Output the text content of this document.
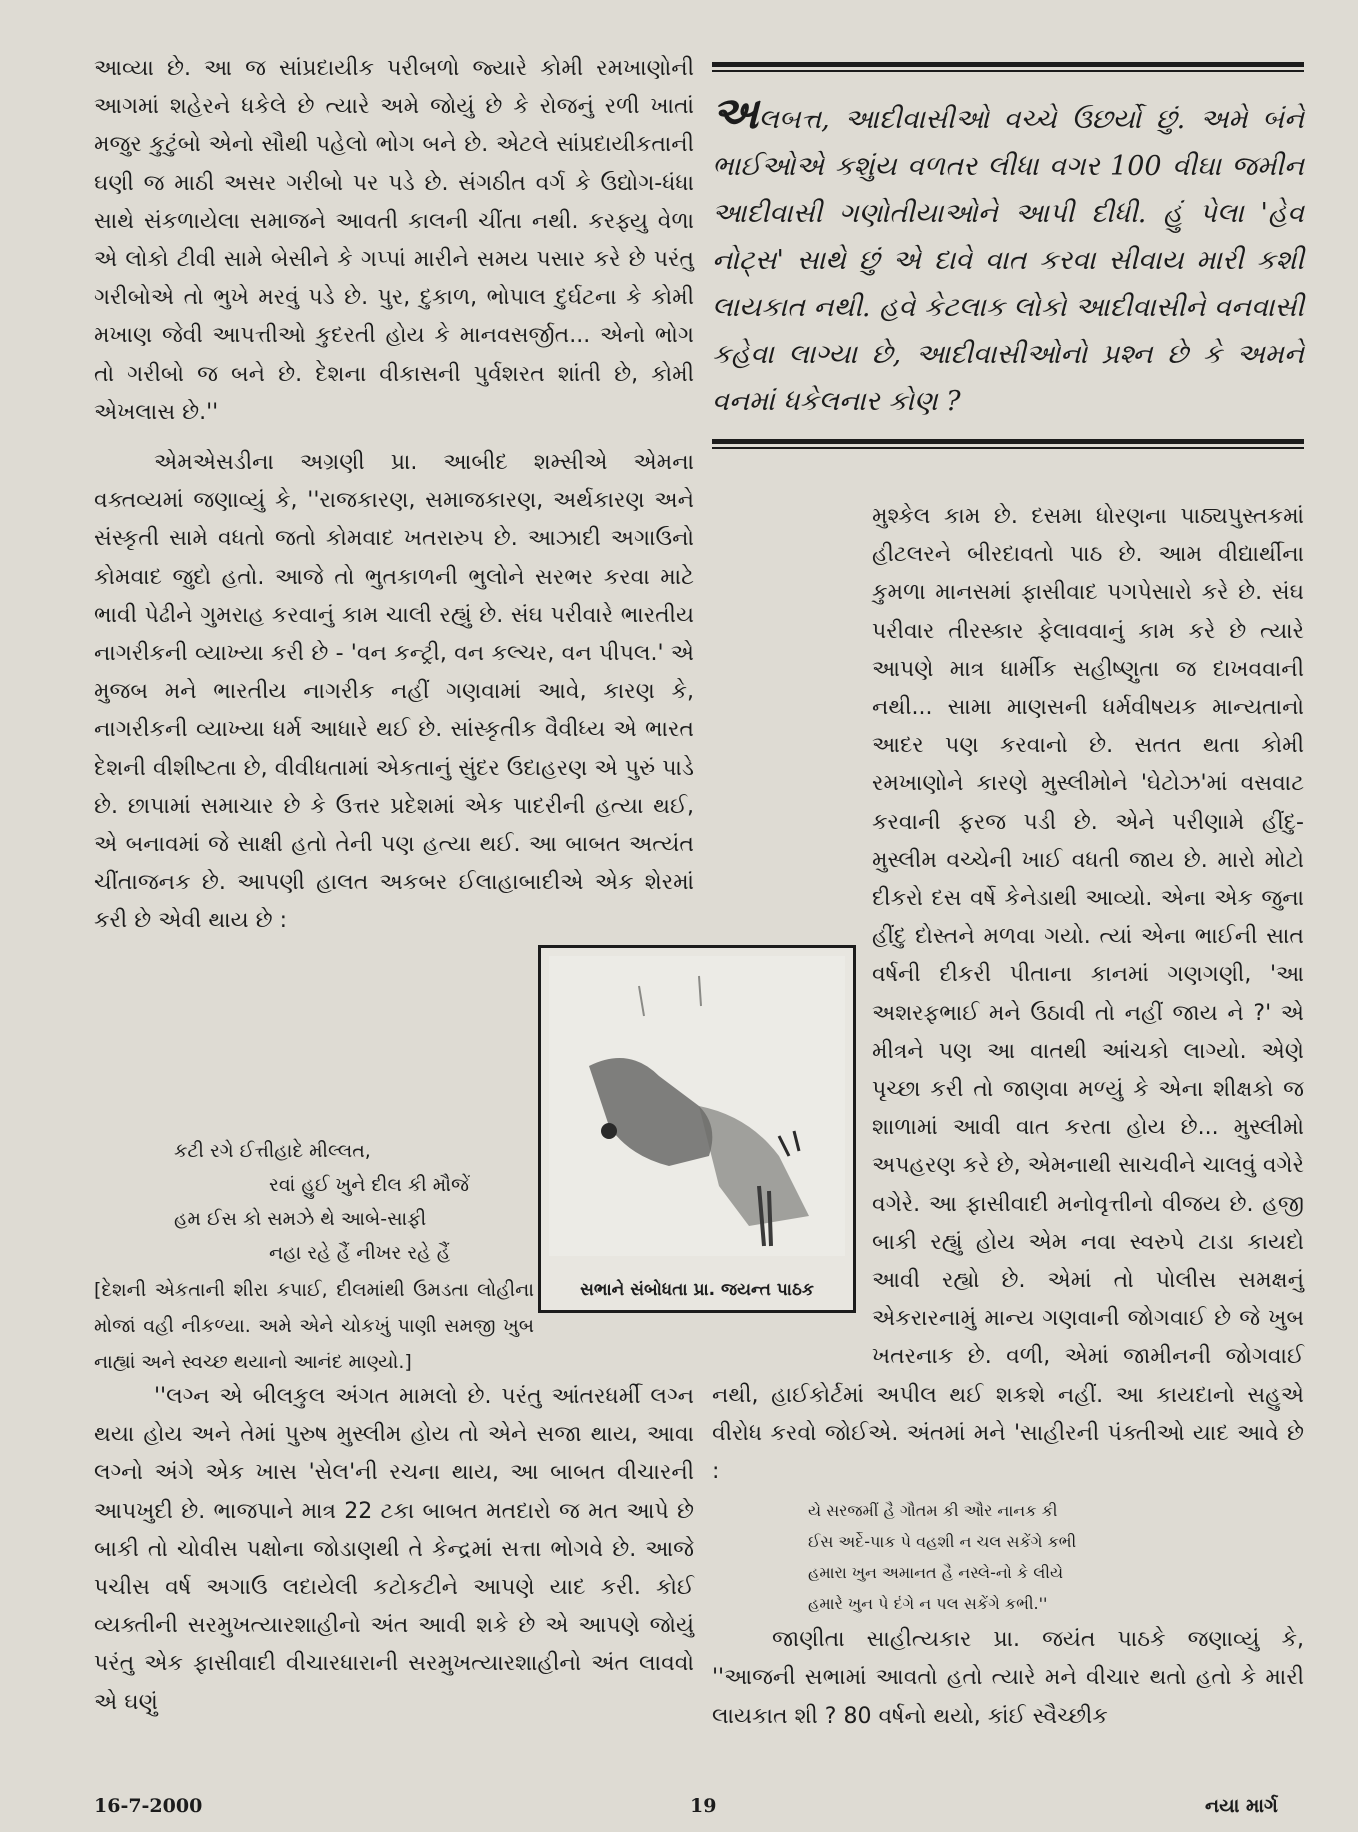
આવ્યા છે. આ જ સાંપ્રદાયીક પરીબળો જ્યારે કોમી રમખાણોની આગમાં શહેરને ધકેલે છે ત્યારે અમે જોયું છે કે રોજનું રળી ખાતાં મજુર કુટુંબો એનો સૌથી પહેલો ભોગ બને છે. એટલે સાંપ્રદાયીકતાની ઘણી જ માઠી અસર ગરીબો પર પડે છે. સંગઠીત વર્ગ કે ઉદ્યોગ-ધંધા સાથે સંકળાયેલા સમાજને આવતી કાલની ચીંતા નથી. કરફ્યુ વેળા એ લોકો ટીવી સામે બેસીને કે ગપ્પાં મારીને સમય પસાર કરે છે પરંતુ ગરીબોએ તો ભુખે મરવું પડે છે. પુર, દુકાળ, ભોપાલ દુર્ઘટના કે કોમી મખાણ જેવી આપત્તીઓ કુદરતી હોય કે માનવસર્જીત... એનો ભોગ તો ગરીબો જ બને છે. દેશના વીકાસની પુર્વશરત શાંતી છે, કોમી એખલાસ છે.''

એમએસડીના અગ્રણી પ્રા. આબીદ શમ્સીએ એમના વક્તવ્યમાં જણાવ્યું કે, ''રાજકારણ, સમાજકારણ, અર્થકારણ અને સંસ્કૃતી સામે વધતો જતો કોમવાદ ખતરારુપ છે. આઝાદી અગાઉનો કોમવાદ જુદો હતો. આજે તો ભુતકાળની ભુલોને સરભર કરવા માટે ભાવી પેઢીને ગુમરાહ કરવાનું કામ ચાલી રહ્યું છે. સંઘ પરીવારે ભારતીય નાગરીકની વ્યાખ્યા કરી છે - 'વન કન્ટ્રી, વન કલ્ચર, વન પીપલ.' એ મુજબ મને ભારતીય નાગરીક નહીં ગણવામાં આવે, કારણ કે, નાગરીકની વ્યાખ્યા ધર્મ આધારે થઈ છે. સાંસ્કૃતીક વૈવીધ્ય એ ભારત દેશની વીશીષ્ટતા છે, વીવીધતામાં એકતાનું સુંદર ઉદાહરણ એ પુરું પાડે છે. છાપામાં સમાચાર છે કે ઉત્તર પ્રદેશમાં એક પાદરીની હત્યા થઈ, એ બનાવમાં જે સાક્ષી હતો તેની પણ હત્યા થઈ. આ બાબત અત્યંત ચીંતાજનક છે. આપણી હાલત અકબર ઈલાહાબાદીએ એક શેરમાં કરી છે એવી થાય છે :

કટી રગે ઈત્તીહાદે મીલ્લત,
રવાં હુઈ ખુને દીલ કી મૌજેં
હમ ઈસ કો સમઝે થે આબે-સાફી
નહા રહે હૈં નીખર રહે હૈં

[દેશની એકતાની શીરા કપાઈ, દીલમાંથી ઉમડતા લોહીના મોજાં વહી નીકળ્યા. અમે એને ચોકખું પાણી સમજી ખુબ નાહ્યાં અને સ્વચ્છ થયાનો આનંદ માણ્યો.]

''લગ્ન એ બીલકુલ અંગત મામલો છે. પરંતુ આંતરધર્મી લગ્ન થયા હોય અને તેમાં પુરુષ મુસ્લીમ હોય તો એને સજા થાય, આવા લગ્નો અંગે એક ખાસ 'સેલ'ની રચના થાય, આ બાબત વીચારની આપખુદી છે. ભાજપાને માત્ર 22 ટકા બાબત મતદારો જ મત આપે છે બાકી તો ચોવીસ પક્ષોના જોડાણથી તે કેન્દ્રમાં સત્તા ભોગવે છે. આજે પચીસ વર્ષ અગાઉ લદાયેલી કટોકટીને આપણે યાદ કરી. કોઈ વ્યક્તીની સરમુખત્યારશાહીનો અંત આવી શકે છે એ આપણે જોયું પરંતુ એક ફાસીવાદી વીચારધારાની સરમુખત્યારશાહીનો અંત લાવવો એ ઘણું

અલબત્ત, આદીવાસીઓ વચ્ચે ઉછર્યો છું. અમે બંને ભાઈઓએ કશુંય વળતર લીધા વગર 100 વીઘા જમીન આદીવાસી ગણોતીયાઓને આપી દીધી. હું પેલા 'હેવ નોટ્સ' સાથે છું એ દાવે વાત કરવા સીવાય મારી કશી લાયકાત નથી. હવે કેટલાક લોકો આદીવાસીને વનવાસી કહેવા લાગ્યા છે, આદીવાસીઓનો પ્રશ્ન છે કે અમને વનમાં ધકેલનાર કોણ ?

મુશ્કેલ કામ છે. દસમા ધોરણના પાઠ્યપુસ્તકમાં હીટલરને બીરદાવતો પાઠ છે. આમ વીદ્યાર્થીના કુમળા માનસમાં ફાસીવાદ પગપેસારો કરે છે. સંઘ પરીવાર તીરસ્કાર ફેલાવવાનું કામ કરે છે ત્યારે આપણે માત્ર ધાર્મીક સહીષ્ણુતા જ દાખવવાની નથી... સામા માણસની ધર્મવીષયક માન્યતાનો આદર પણ કરવાનો છે. સતત થતા કોમી રમખાણોને કારણે મુસ્લીમોને 'ઘેટોઝ'માં વસવાટ કરવાની ફરજ પડી છે. એને પરીણામે હીંદુ-મુસ્લીમ વચ્ચેની ખાઈ વધતી જાય છે. મારો મોટો દીકરો દસ વર્ષે કેનેડાથી આવ્યો. એના એક જુના હીંદુ દોસ્તને મળવા ગયો. ત્યાં એના ભાઈની સાત વર્ષની દીકરી પીતાના કાનમાં ગણગણી, 'આ અશરફભાઈ મને ઉઠાવી તો નહીં જાય ને ?' એ મીત્રને પણ આ વાતથી આંચકો લાગ્યો. એણે પૃચ્છા કરી તો જાણવા મળ્યું કે એના શીક્ષકો જ શાળામાં આવી વાત કરતા હોય છે... મુસ્લીમો અપહરણ કરે છે, એમનાથી સાચવીને ચાલવું વગેરે વગેરે. આ ફાસીવાદી મનોવૃત્તીનો વીજય છે. હજી બાકી રહ્યું હોય એમ નવા સ્વરુપે ટાડા કાયદો આવી રહ્યો છે. એમાં તો પોલીસ સમક્ષનું એકરારનામું માન્ય ગણવાની જોગવાઈ છે જે ખુબ ખતરનાક છે. વળી, એમાં જામીનની જોગવાઈ નથી, હાઈકોર્ટમાં અપીલ થઈ શકશે નહીં. આ કાયદાનો સહુએ વીરોધ કરવો જોઈએ. અંતમાં મને 'સાહીરની પંક્તીઓ યાદ આવે છે :

યે સરજમીં હૈ ગૌતમ કી ઔર નાનક કી
ઈસ અર્દે-પાક પે વહશી ન ચલ સકેંગે કભી
હમારા ખુન અમાનત હૈ નસ્લે-નો કે લીયે
હમારે ખુન પે દંગે ન પલ સકેંગે કભી.''

જાણીતા સાહીત્યકાર પ્રા. જયંત પાઠકે જણાવ્યું કે, ''આજની સભામાં આવતો હતો ત્યારે મને વીચાર થતો હતો કે મારી લાયકાત શી ? 80 વર્ષનો થયો, કાંઈ સ્વૈચ્છીક

સભાને સંબોધતા પ્રા. જયન્ત પાઠક
16-7-2000	19	નયા માર્ગ
